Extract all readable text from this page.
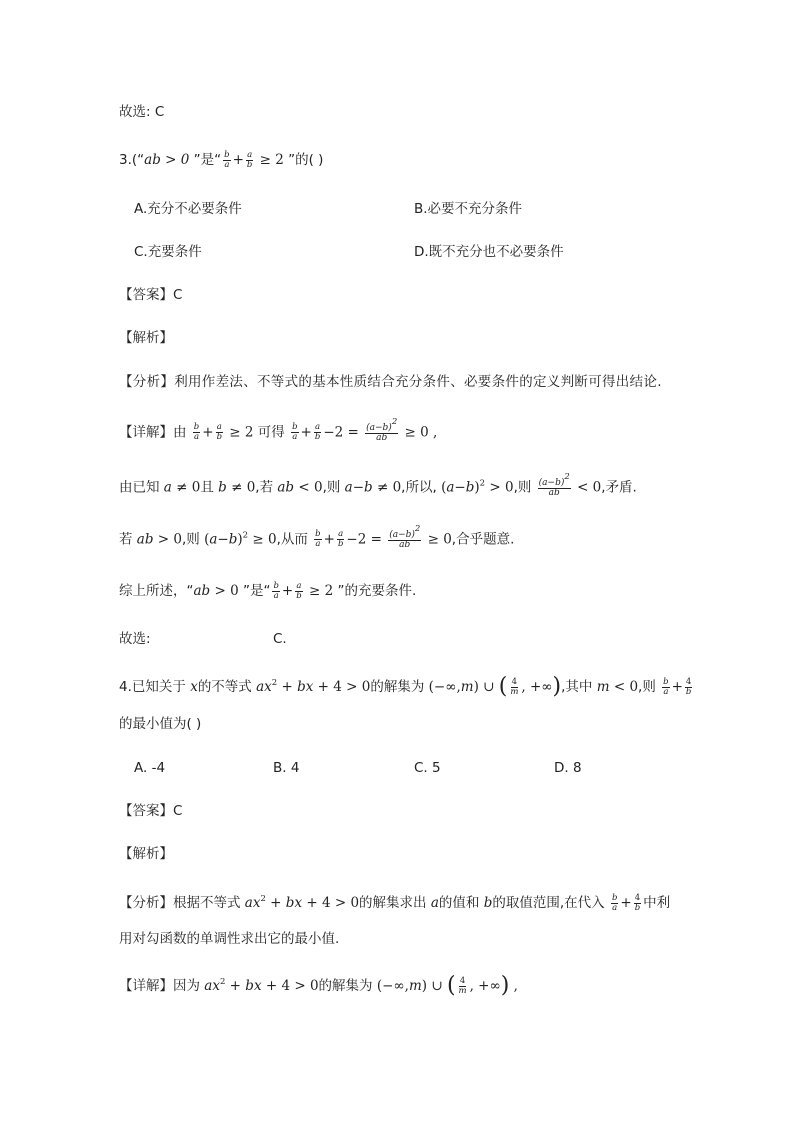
故选: C
3.(“ab > 0 ”是“ $\frac{b}{a} + \frac{a}{b} \ge 2$ ”的( )
A.充分不必要条件	B.必要不充分条件
C.充要条件	D.既不充分也不必要条件
【答案】C
【解析】
【分析】利用作差法、不等式的基本性质结合充分条件、必要条件的定义判断可得出结论.
【详解】由 $\frac{b}{a} + \frac{a}{b} \ge 2$ 可得 $\frac{b}{a} + \frac{a}{b} -2 = \frac{(a-b)^2}{ab} \ge 0$ ,
由已知 a ≠ 0且 b ≠ 0,若 ab < 0,则 a−b ≠ 0,所以, $(a-b)^2 > 0$,则 $\frac{(a-b)^2}{ab} < 0$,矛盾.
若 ab > 0,则 $(a-b)^2 \ge 0$,从而 $\frac{b}{a} + \frac{a}{b} -2 = \frac{(a-b)^2}{ab} \ge 0$,合乎题意.
综上所述，“ab > 0 ”是“ $\frac{b}{a} + \frac{a}{b} \ge 2$ ”的充要条件.
故选:	C.
4.已知关于 x的不等式 $ax^2$ + bx + 4 > 0的解集为 (−∞,m) ∪ ( $\frac{4}{m}$ , +∞),其中 m < 0,则 $\frac{b}{a} + \frac{4}{b}$
的最小值为( )
A. -4	B. 4	C. 5	D. 8
【答案】C
【解析】
【分析】根据不等式 $ax^2$ + bx + 4 > 0的解集求出 a的值和 b的取值范围,在代入 $\frac{b}{a} + \frac{4}{b}$ 中利
用对勾函数的单调性求出它的最小值.
【详解】因为 $ax^2$ + bx + 4 > 0的解集为 (−∞,m) ∪ ( $\frac{4}{m}$ , +∞) ,
